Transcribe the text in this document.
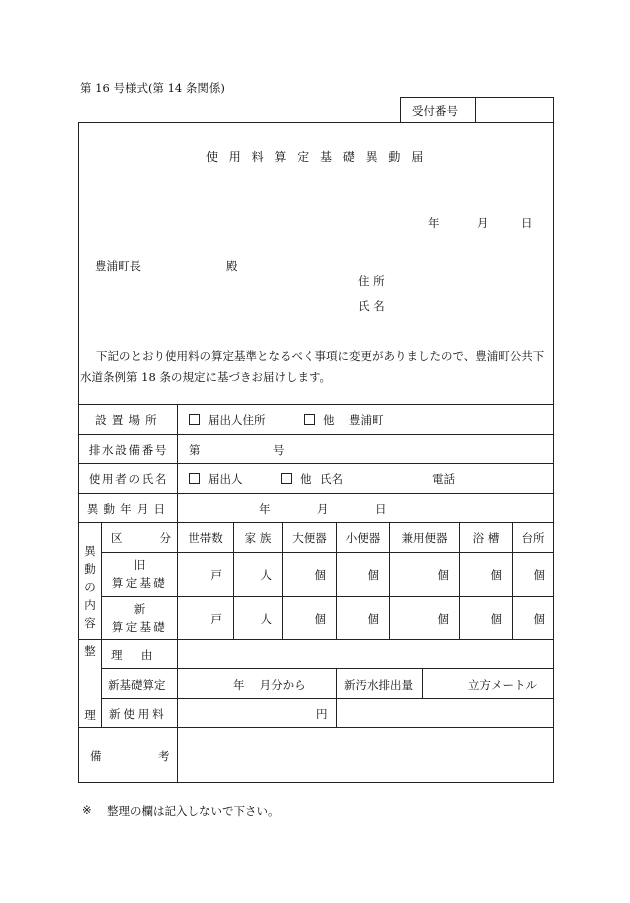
第 16 号様式(第 14 条関係)
受付番号
使用料算定基礎異動届
年	月	日
豊浦町長	殿
住 所
氏 名
下記のとおり使用料の算定基準となるべく事項に変更がありましたので、豊浦町公共下
水道条例第 18 条の規定に基づきお届けします。
設置場所	届出人住所	他 豊浦町
排水設備番号	第	号
使用者の氏名	届出人	他 氏名	電話
異動年月日	年	月	日
異
動
の
内
容
区　分	世帯数	家 族	大便器	小便器	兼用便器	浴 槽	台所
旧
算定基礎
戸	人	個	個	個	個	個
新
算定基礎
戸	人	個	個	個	個	個
整
理
理　由
新基礎算定	年　 月分から	新汚水排出量	立方メートル
新使用料	円
備	考
※ 整理の欄は記入しないで下さい。
